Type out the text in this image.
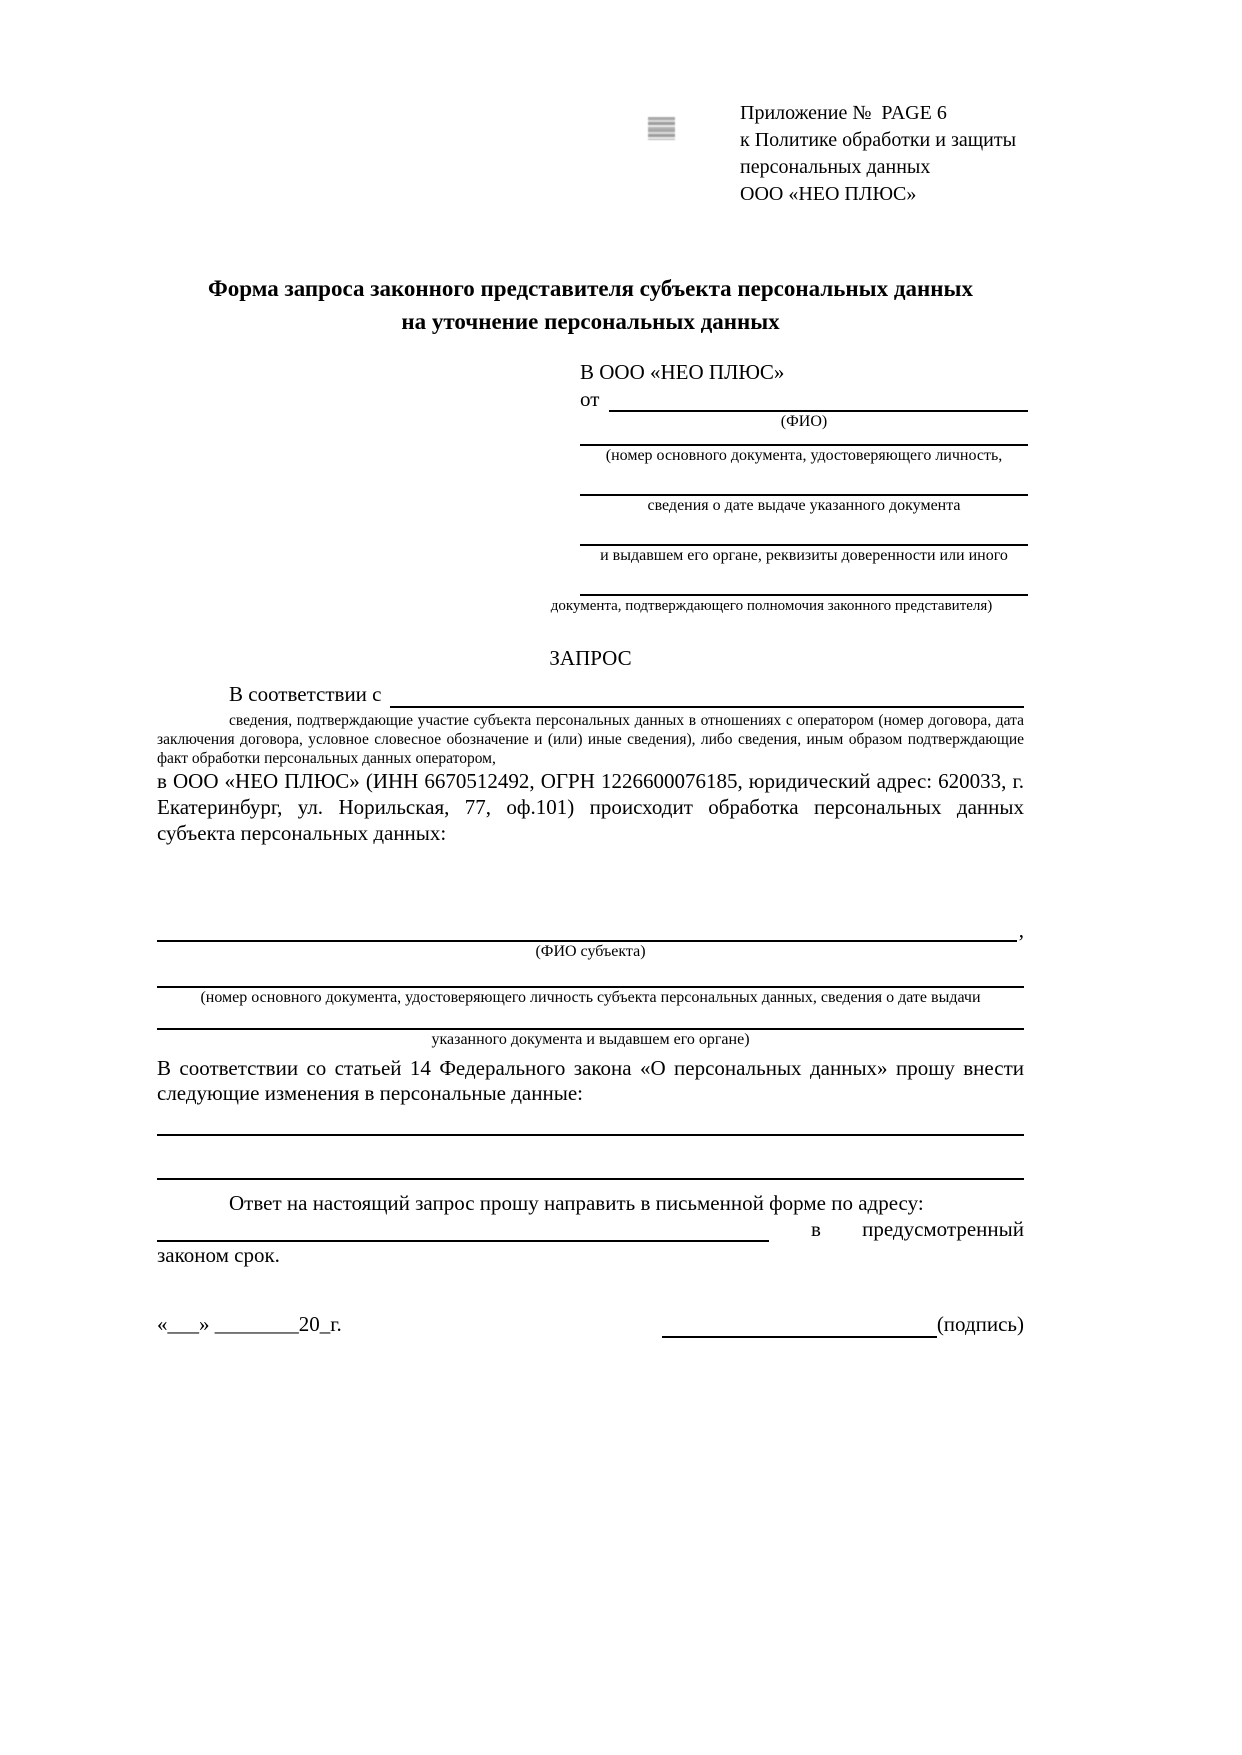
Приложение №  PAGE 6
к Политике обработки и защиты
персональных данных
ООО «НЕО ПЛЮС»
Форма запроса законного представителя субъекта персональных данных
на уточнение персональных данных
В ООО «НЕО ПЛЮС»
от
(ФИО)
(номер основного документа, удостоверяющего личность,
сведения о дате выдаче указанного документа
и выдавшем его органе, реквизиты доверенности или иного
документа, подтверждающего полномочия законного представителя)
ЗАПРОС
В соответствии с
сведения, подтверждающие участие субъекта персональных данных в отношениях с оператором (номер договора, дата заключения договора, условное словесное обозначение и (или) иные сведения), либо сведения, иным образом подтверждающие факт обработки персональных данных оператором,
в ООО «НЕО ПЛЮС» (ИНН 6670512492, ОГРН 1226600076185, юридический адрес: 620033, г. Екатеринбург, ул. Норильская, 77, оф.101) происходит обработка персональных данных субъекта персональных данных:
,
(ФИО субъекта)
(номер основного документа, удостоверяющего личность субъекта персональных данных, сведения о дате выдачи
указанного документа и выдавшем его органе)
В соответствии со статьей 14 Федерального закона «О персональных данных» прошу внести следующие изменения в персональные данные:
Ответ на настоящий запрос прошу направить в письменной форме по адресу:
в предусмотренный
законом срок.
«___» ________20_г.	(подпись)
